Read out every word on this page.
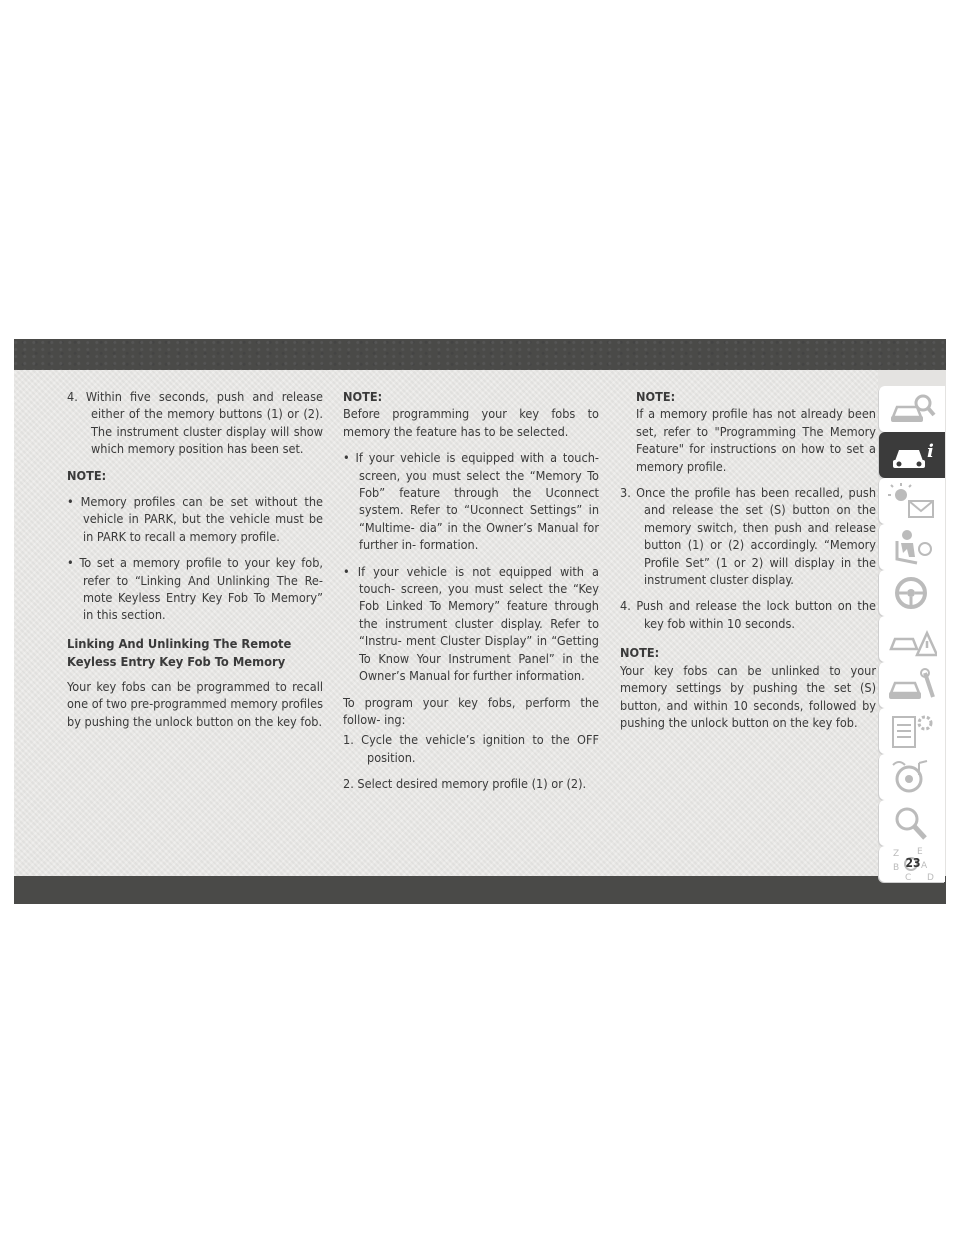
4. Within five seconds, push and release either of the memory buttons (1) or (2). The instrument cluster display will show which memory position has been set.

NOTE:

• Memory profiles can be set without the vehicle in PARK, but the vehicle must be in PARK to recall a memory profile.

• To set a memory profile to your key fob, refer to “Linking And Unlinking The Re- mote Keyless Entry Key Fob To Memory” in this section.

Linking And Unlinking The Remote Keyless Entry Key Fob To Memory

Your key fobs can be programmed to recall one of two pre-programmed memory profiles by pushing the unlock button on the key fob.

NOTE:

Before programming your key fobs to memory the feature has to be selected.

• If your vehicle is equipped with a touch- screen, you must select the “Memory To Fob” feature through the Uconnect system. Refer to “Uconnect Settings” in “Multime- dia” in the Owner’s Manual for further in- formation.

• If your vehicle is not equipped with a touch- screen, you must select the “Key Fob Linked To Memory” feature through the instrument cluster display. Refer to “Instru- ment Cluster Display” in “Getting To Know Your Instrument Panel” in the Owner’s Manual for further information.

To program your key fobs, perform the follow- ing:

1. Cycle the vehicle’s ignition to the OFF position.

2. Select desired memory profile (1) or (2).

NOTE:

If a memory profile has not already been set, refer to "Programming The Memory Feature" for instructions on how to set a memory profile.

3. Once the profile has been recalled, push and release the set (S) button on the memory switch, then push and release button (1) or (2) accordingly. “Memory Profile Set” (1 or 2) will display in the instrument cluster display.

4. Push and release the lock button on the key fob within 10 seconds.

NOTE:

Your key fobs can be unlinked to your memory settings by pushing the set (S) button, and within 10 seconds, followed by pushing the unlock button on the key fob.

i
Z E
B A
C D
23
